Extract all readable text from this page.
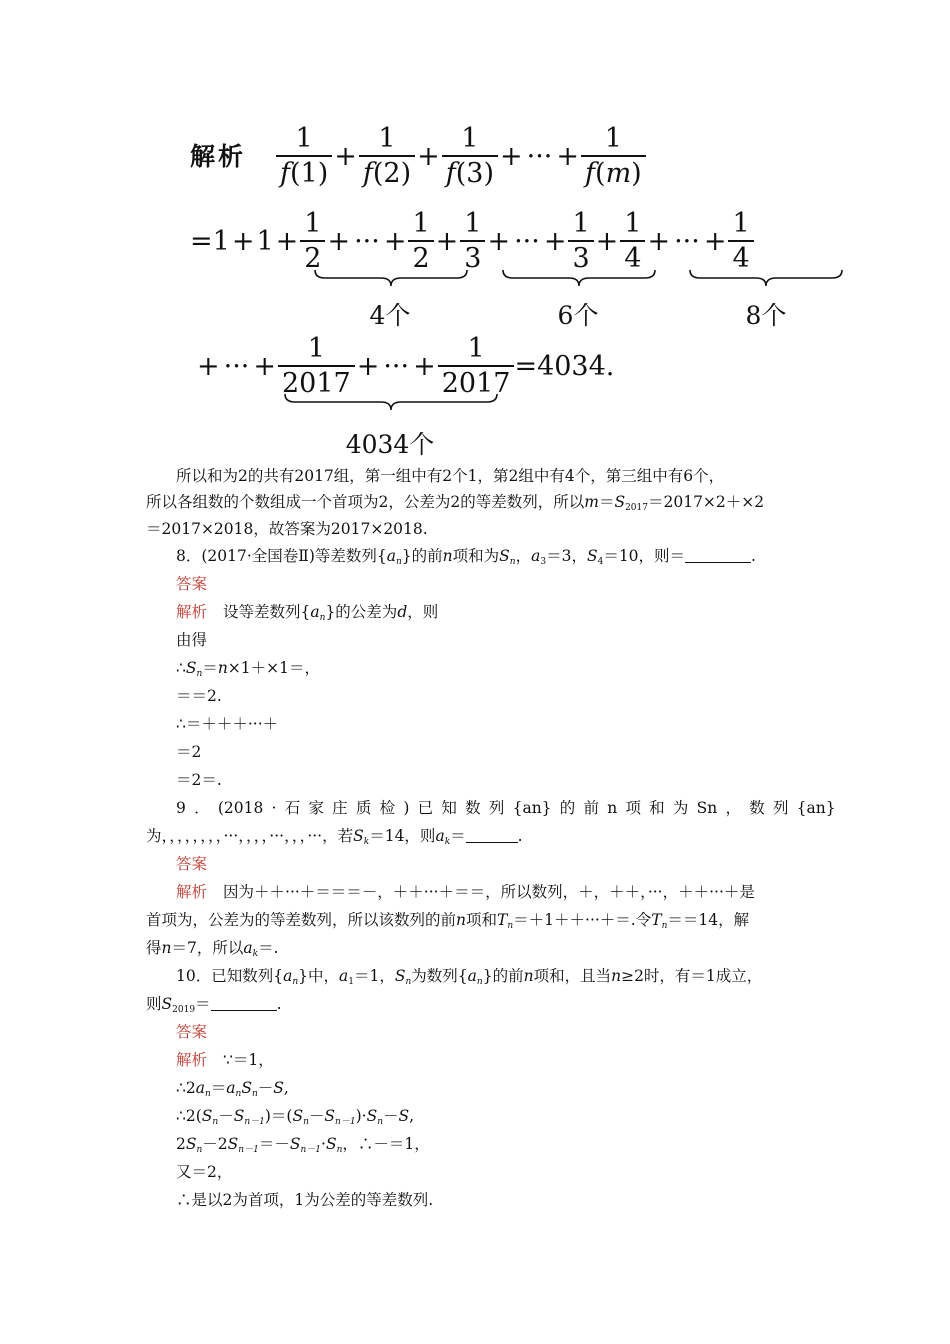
解析 $\frac{1}{f(1)} + \frac{1}{f(2)} + \frac{1}{f(3)}$ + ··· + $\frac{1}{f(m)}$
= $1 + 1 + \frac{1}{2}$ + ··· + $\frac{1}{2} + \frac{1}{3}$ + ··· + $\frac{1}{3} + \frac{1}{4}$ + ··· + $\frac{1}{4}$
4个	6个	8个
+ ··· + $\frac{1}{2017}$ + ··· + $\frac{1}{2017} = 4034$.
4034个
所以和为2的共有2017组，第一组中有2个1，第2组中有4个，第三组中有6个，
所以各组数的个数组成一个首项为2，公差为2的等差数列，所以$m=S_{2017}=2017\times 2+\times 2$
＝2017×2018，故答案为2017×2018.
8．(2017·全国卷Ⅱ)等差数列$\{a_n\}$的前n项和为$S_n$，$a_3=3$，$S_4=10$，则＝	.
答案
解析 设等差数列$\{a_n\}$的公差为d，则
由得
$\therefore S_n=n\times 1+\times 1=$，
＝＝2.
∴＝＋＋＋···＋
＝2
＝2＝.
9 ． (2018 · 石 家 庄 质 检 ) 已 知 数 列 {an} 的 前 n 项 和 为 Sn ， 数 列 {an}
为，，，，，，，，···，，，，···，，，···，若$S_k=14$，则$a_k=$	.
答案
解析 因为＋＋···＋＝＝＝－，＋＋···＋＝＝，所以数列，＋，＋＋，···，＋＋···＋是
首项为，公差为的等差数列，所以该数列的前n项和$T_n=+1++\cdot\cdot\cdot+=$.令$T_n==14$，解
得n＝7，所以$a_k=$.
10．已知数列$\{a_n\}$中，$a_1=1$，$S_n$为数列$\{a_n\}$的前n项和，且当n≥2时，有＝1成立，
则$S_{2019}=$	.
答案
解析 ∵＝1，
$\therefore 2a_n=a_nS_n-S$,
$\therefore 2(S_n-S_{n-1})=(S_n-S_{n-1})\cdot S_n-S$,
$2S_n-2S_{n-1}=-S_{n-1}\cdot S_n$，∴－＝1，
又＝2，
∴是以2为首项，1为公差的等差数列.
